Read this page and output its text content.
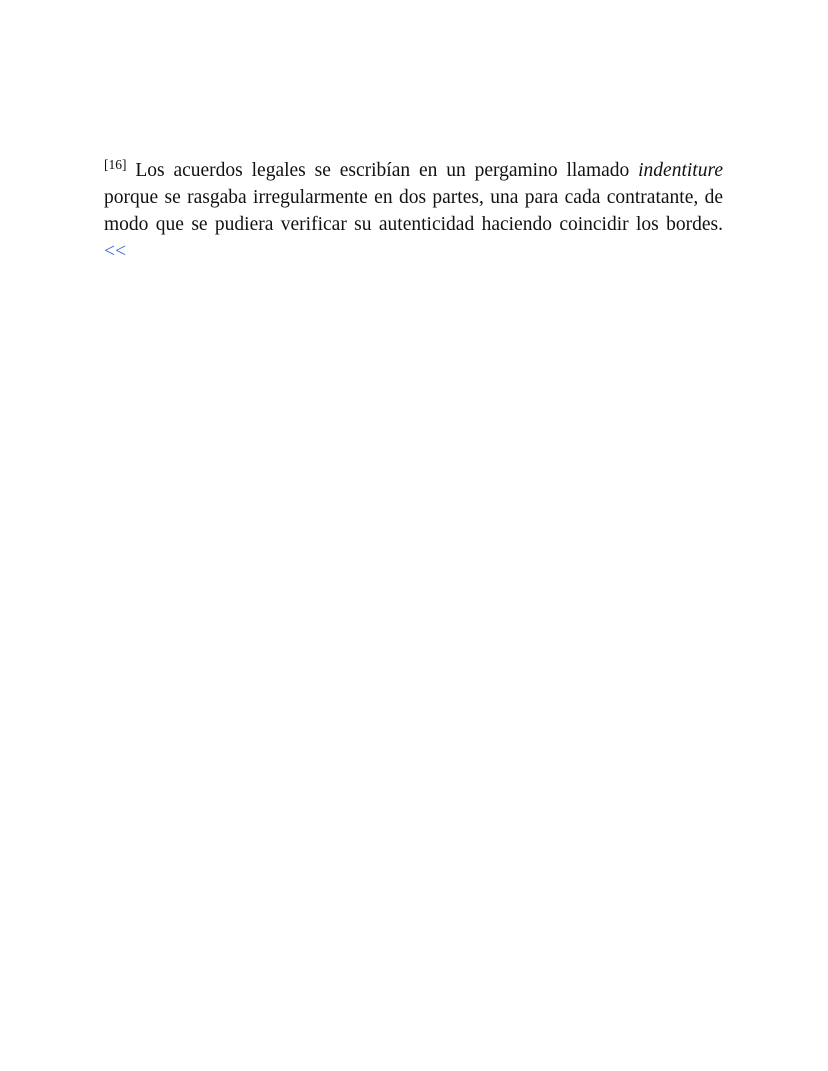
[16] Los acuerdos legales se escribían en un pergamino llamado indentiture porque se rasgaba irregularmente en dos partes, una para cada contratante, de modo que se pudiera verificar su autenticidad haciendo coincidir los bordes. <<
